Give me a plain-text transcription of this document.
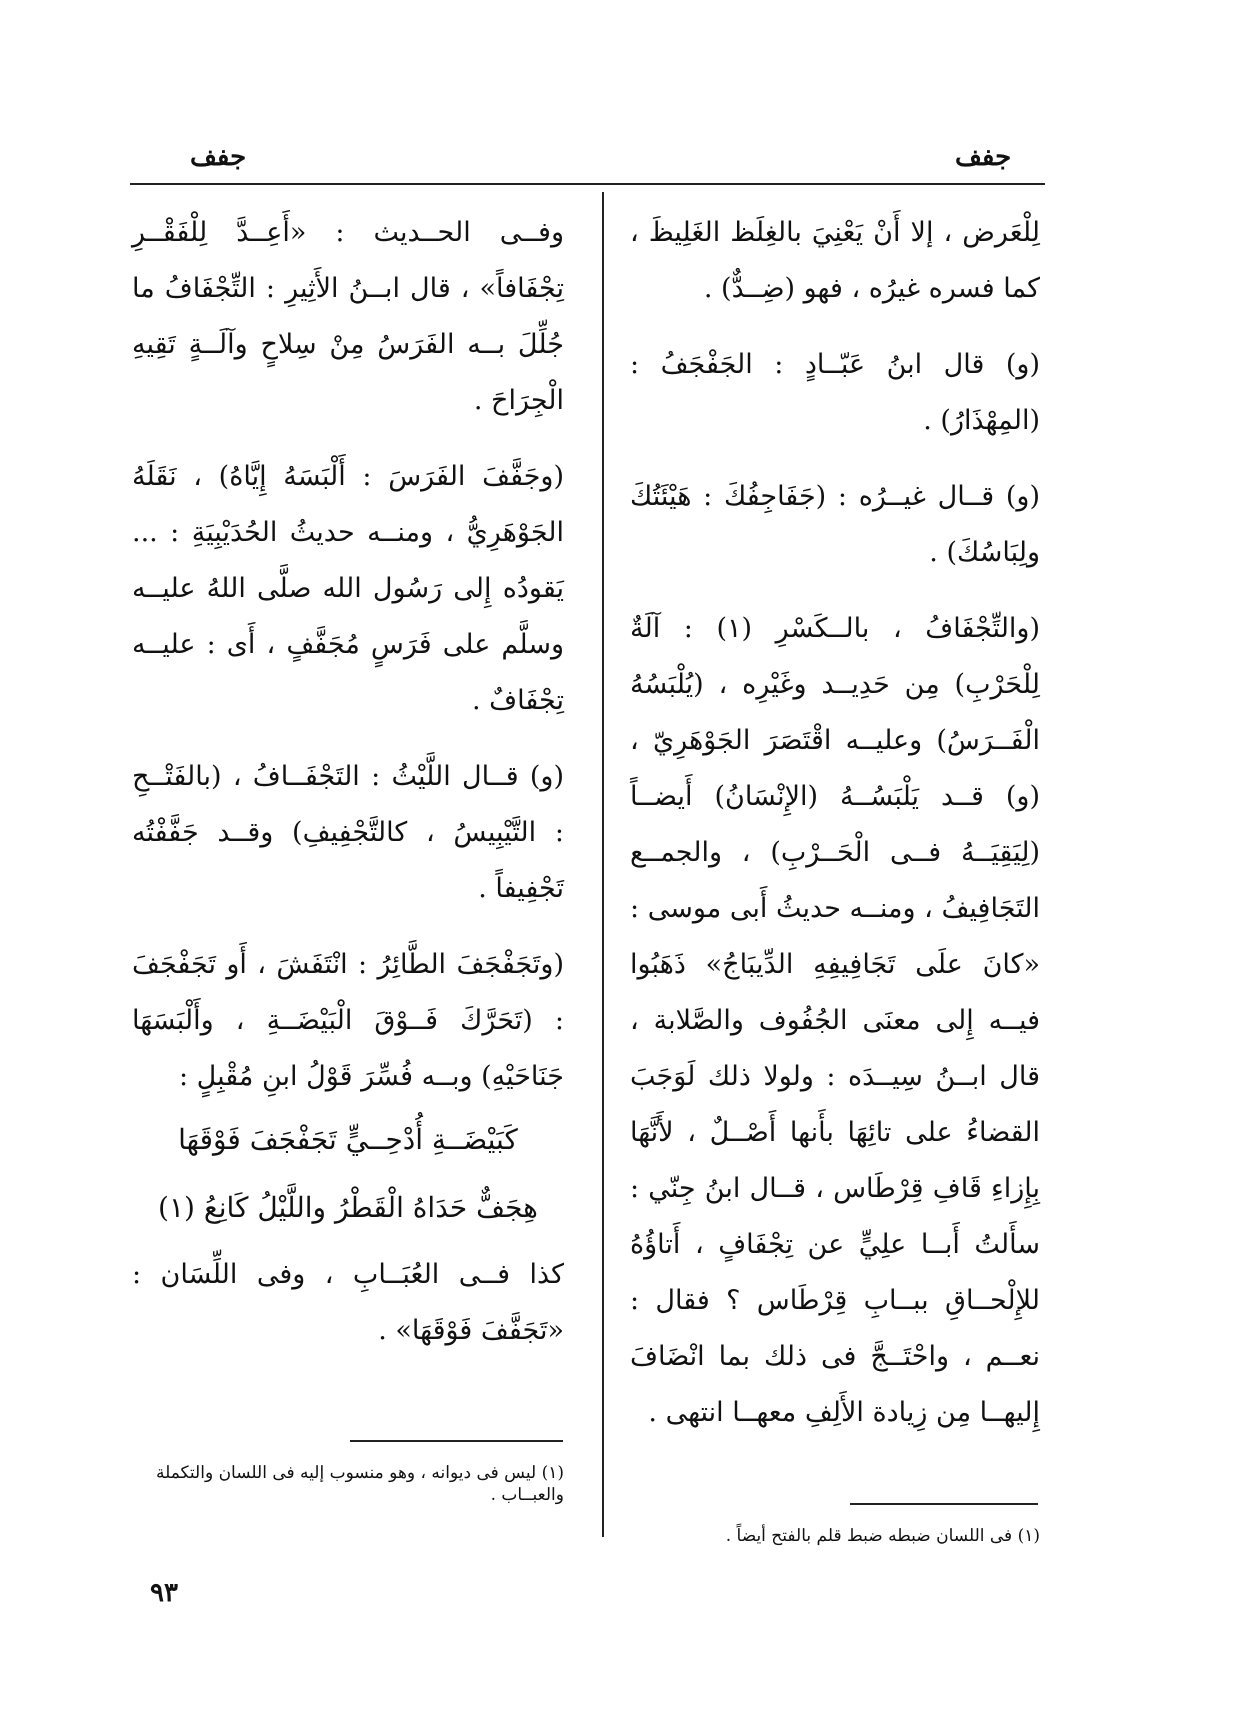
جفف
جفف

لِلْعَرض ، إلا أَنْ يَعْنِيَ بالغِلَظ الغَلِيظَ ، كما فسره غيرُه ، فهو (ضِــدٌّ) .

(و) قال ابنُ عَبّــادٍ : الجَفْجَفُ : (المِهْذَارُ) .

(و) قــال غيــرُه : (جَفَاجِفُكَ : هَيْئَتُكَ ولِبَاسُكَ) .

(والتِّجْفَافُ ، بالــكَسْرِ (١) : آلَةٌ لِلْحَرْبِ) مِن حَدِيــد وغَيْرِه ، (يُلْبَسُهُ الْفَــرَسُ) وعليــه اقْتَصَرَ الجَوْهَرِيّ ، (و) قــد يَلْبَسُــهُ (الإِنْسَانُ) أَيضــاً (لِيَقِيَــهُ فــى الْحَــرْبِ) ، والجمــع التَجَافِيفُ ، ومنــه حديثُ أَبى موسى : «كانَ علَى تَجَافِيفِهِ الدِّيبَاجُ» ذَهَبُوا فيــه إِلى معنَى الجُفُوف والصَّلابة ، قال ابــنُ سِيــدَه : ولولا ذلك لَوَجَبَ القضاءُ على تائِهَا بأَنها أَصْــلٌ ، لأَنَّهَا بِإِزاءِ قَافِ قِرْطَاس ، قــال ابنُ جِنّي : سأَلتُ أَبــا علِيٍّ عن تِجْفَافٍ ، أَتاؤُهُ للإِلْحــاقِ ببــابِ قِرْطَاس ؟ فقال : نعــم ، واحْتَــجَّ فى ذلك بما انْضَافَ إِليهــا مِن زِيادة الأَلِفِ معهــا انتهى .

وفــى الحــديث : «أَعِــدَّ لِلْفَقْــرِ تِجْفَافاً» ، قال ابــنُ الأَثِيرِ : التِّجْفَافُ ما جُلِّلَ بــه الفَرَسُ مِنْ سِلاحٍ وآلَــةٍ تَقِيهِ الْجِرَاحَ .

(وجَفَّفَ الفَرَسَ : أَلْبَسَهُ إِيَّاهُ) ، نَقَلَهُ الجَوْهَرِيُّ ، ومنــه حديثُ الحُدَيْبِيَةِ : ... يَقودُه إِلى رَسُول الله صلَّى اللهُ عليــه وسلَّم على فَرَسٍ مُجَفَّفٍ ، أَى : عليــه تِجْفَافٌ .

(و) قــال اللَّيْثُ : التَجْفَــافُ ، (بالفَتْــحِ : التَّيْبِيسُ ، كالتَّجْفِيفِ) وقــد جَفَّفْتُه تَجْفِيفاً .

(وتَجَفْجَفَ الطَّائِرُ : انْتَفَشَ ، أَو تَجَفْجَفَ : (تَحَرَّكَ فَــوْقَ الْبَيْضَــةِ ، وأَلْبَسَهَا جَنَاحَيْهِ) وبــه فُسِّرَ قَوْلُ ابنِ مُقْبِلٍ :

كَبَيْضَــةِ أُدْحِــيٍّ تَجَفْجَفَ فَوْقَهَا
هِجَفٌّ حَدَاهُ الْقَطْرُ واللَّيْلُ كَانِعُ (١)

كذا فــى العُبَــابِ ، وفى اللِّسَان : «تَجَفَّفَ فَوْقَهَا» .

(١) فى اللسان ضبطه ضبط قلم بالفتح أيضاً .
(١) ليس فى ديوانه ، وهو منسوب إليه فى اللسان والتكملة والعبــاب .
٩٣
